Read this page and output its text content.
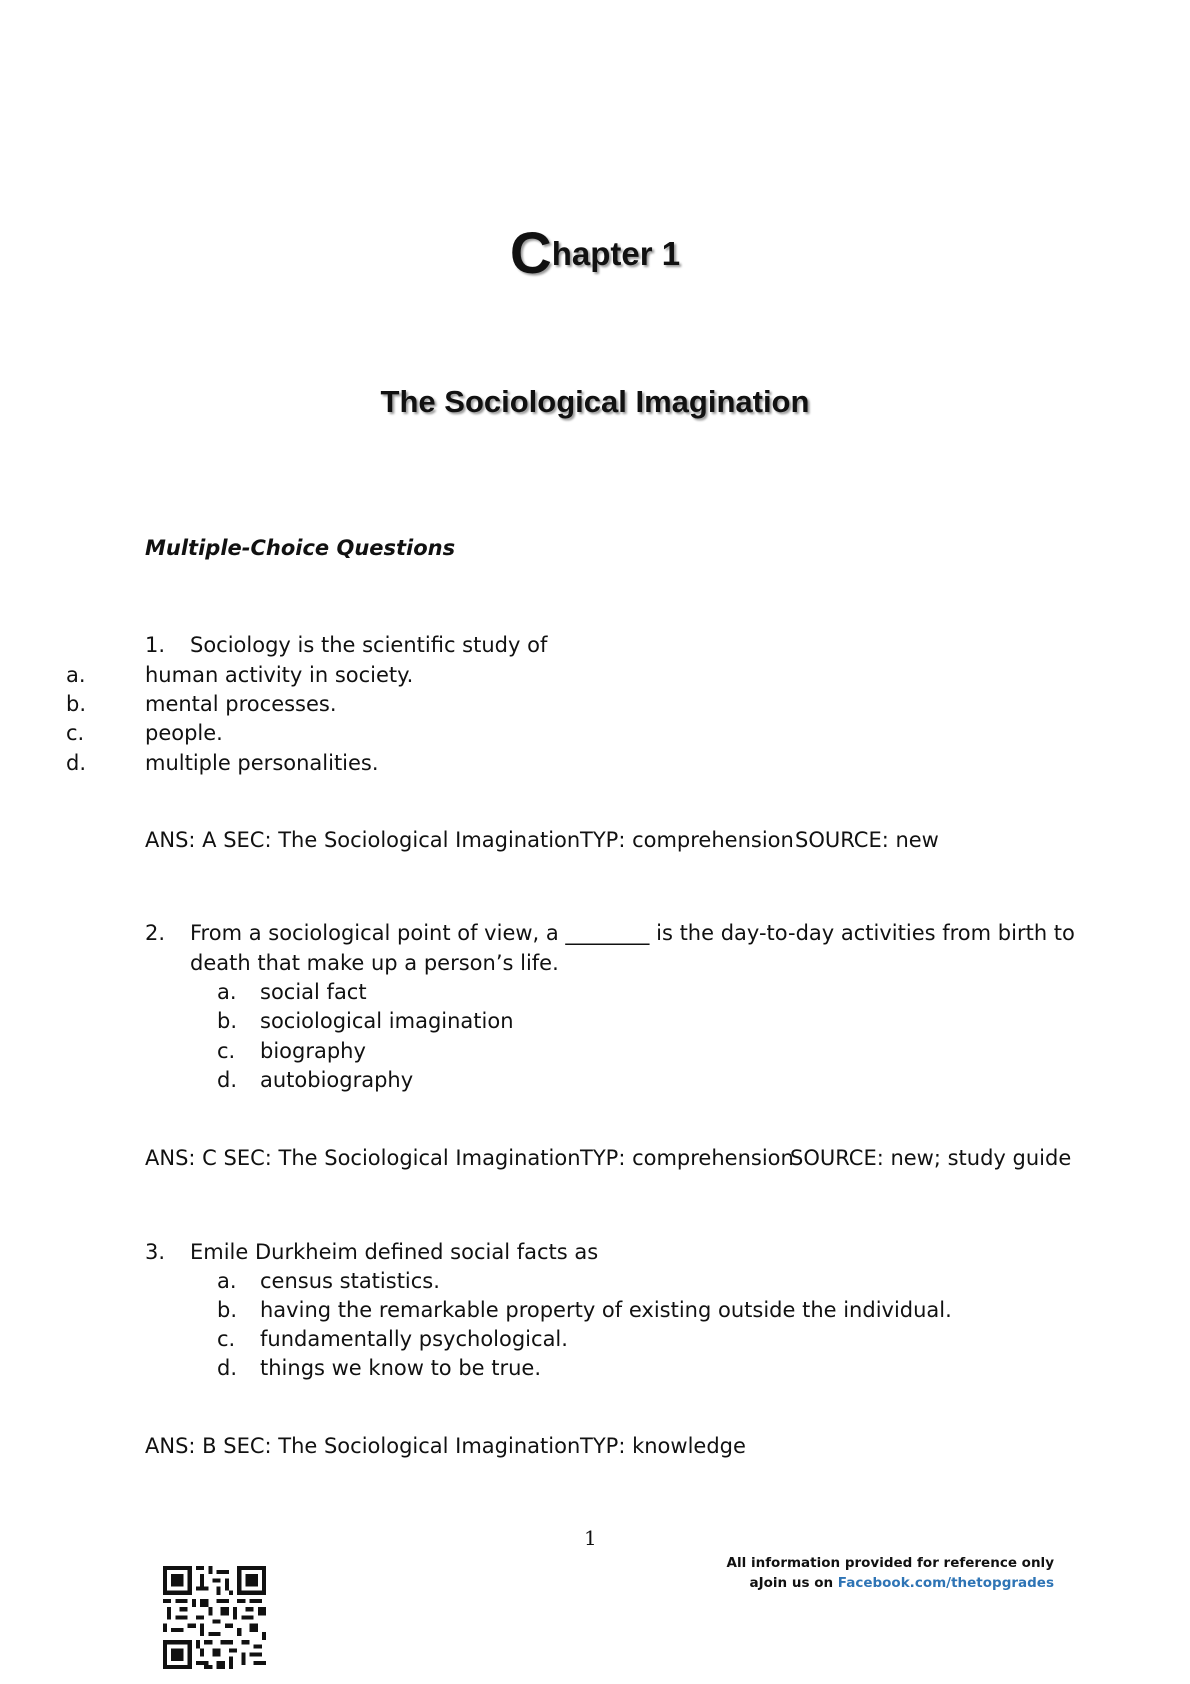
Chapter 1
The Sociological Imagination
Multiple-Choice Questions
1. Sociology is the scientific study of
a.	human activity in society.
b.	mental processes.
c.	people.
d.	multiple personalities.
ANS: A SEC: The Sociological Imagination TYP: comprehension SOURCE: new
2. From a sociological point of view, a ________ is the day-to-day activities from birth to
death that make up a person’s life.
a. social fact
b. sociological imagination
c. biography
d. autobiography
ANS: C SEC: The Sociological Imagination TYP: comprehension
SOURCE: new; study guide
3. Emile Durkheim defined social facts as
a. census statistics.
b. having the remarkable property of existing outside the individual.
c. fundamentally psychological.
d. things we know to be true.
ANS: B SEC: The Sociological Imagination TYP: knowledge
1
All information provided for reference only
aJoin us on Facebook.com/thetopgrades
